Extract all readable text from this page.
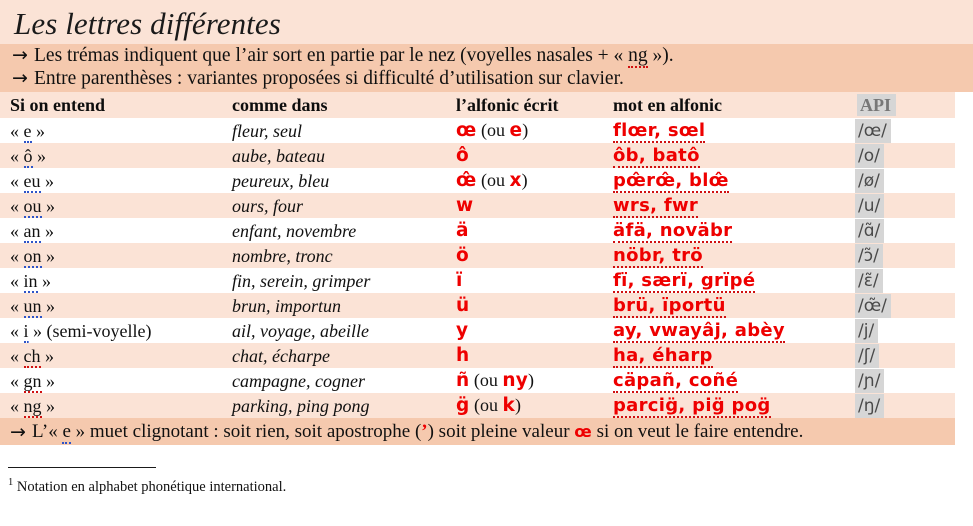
Les lettres différentes
→ Les trémas indiquent que l’air sort en partie par le nez (voyelles nasales + « ng »).
→ Entre parenthèses : variantes proposées si difficulté d’utilisation sur clavier.
Si on entend	comme dans	l’alfonic écrit	mot en alfonic	API
« e »	fleur, seul	œ (ou e)	flœr, sœl	/œ/
« ô »	aube, bateau	ô	ôb, batô	/o/
« eu »	peureux, bleu	œ̂ (ou x)	pœ̂rœ̂, blœ̂	/ø/
« ou »	ours, four	w	wrs, fwr	/u/
« an »	enfant, novembre	ä	äfä, noväbr	/ɑ̃/
« on »	nombre, tronc	ö	nöbr, trö	/ɔ̃/
« in »	fin, serein, grimper	ï	fï, særï, grïpé	/ɛ̃/
« un »	brun, importun	ü	brü, ïportü	/œ̃/
« i » (semi-voyelle)	ail, voyage, abeille	y	ay, vwayâj, abèy	/j/
« ch »	chat, écharpe	h	ha, éharp	/ʃ/
« gn »	campagne, cogner	ñ (ou ny)	cäpañ, coñé	/ɲ/
« ng »	parking, ping pong	g̈ (ou k)	parcig̈, pig̈ pog̈	/ŋ/
→ L’« e » muet clignotant : soit rien, soit apostrophe (’) soit pleine valeur œ si on veut le faire entendre.
$^1$ Notation en alphabet phonétique international.
